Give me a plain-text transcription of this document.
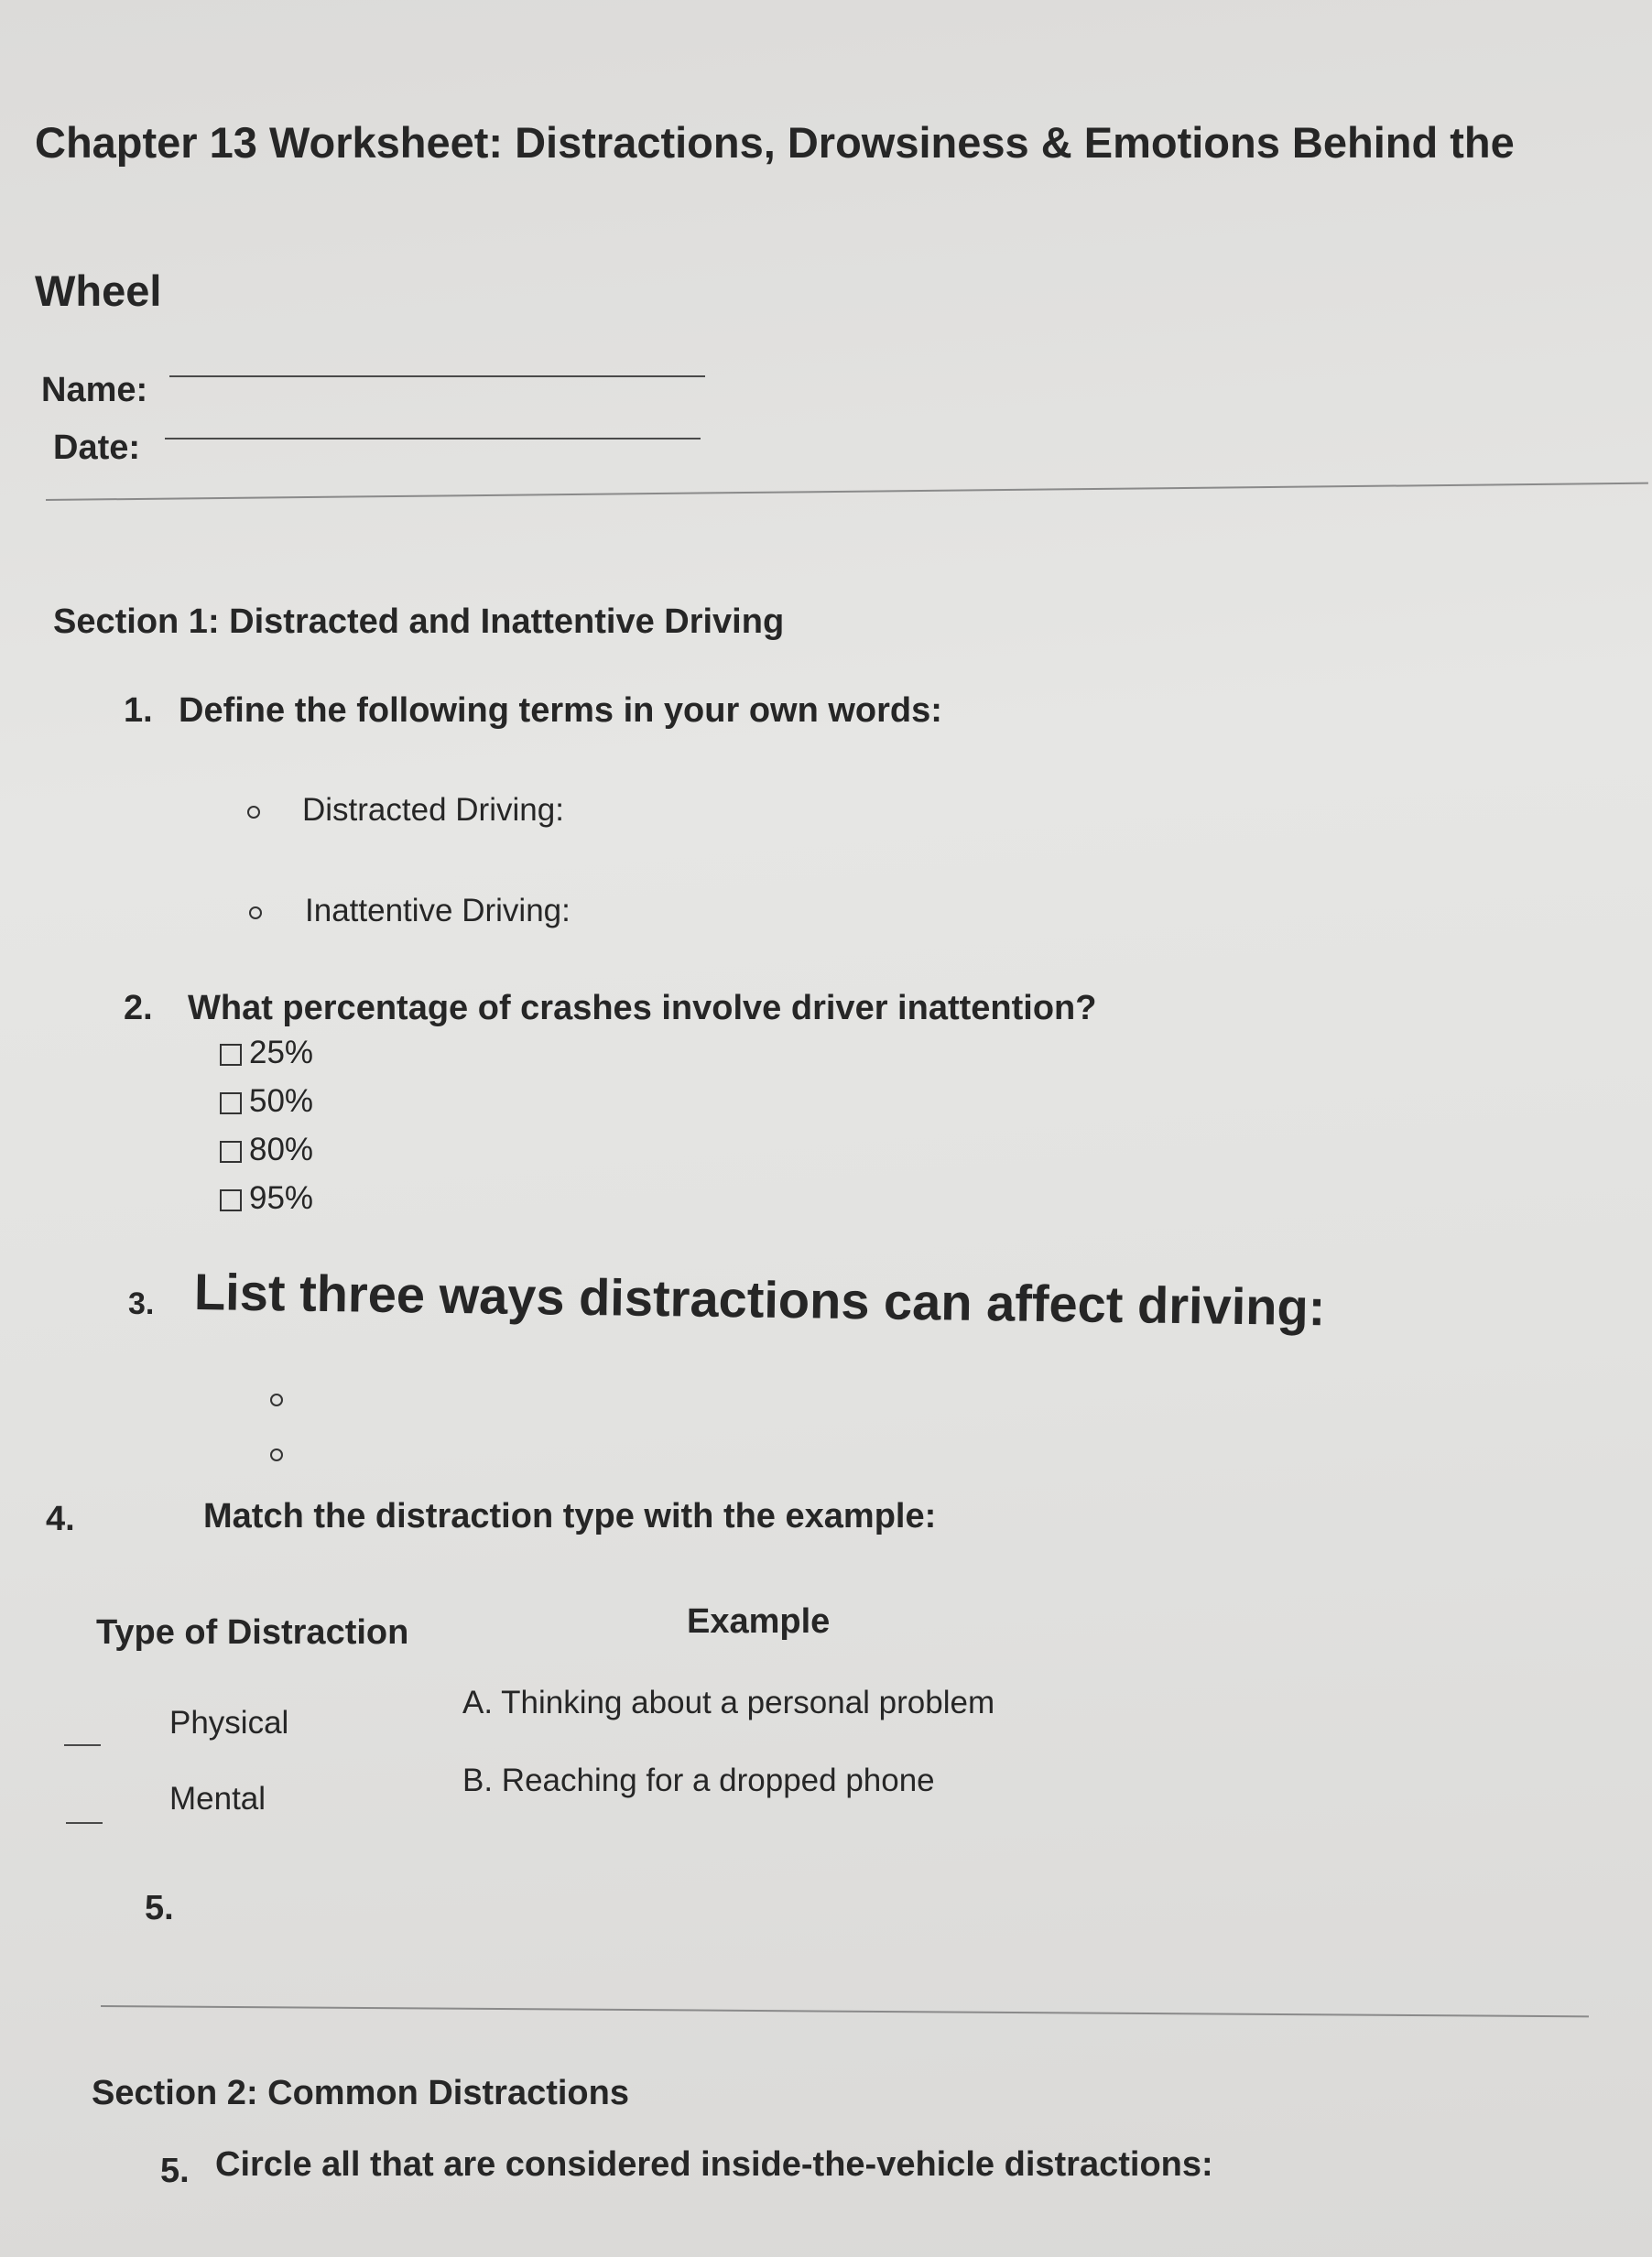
Chapter 13 Worksheet: Distractions, Drowsiness & Emotions Behind the
Wheel
Name:
Date:
Section 1: Distracted and Inattentive Driving
1. Define the following terms in your own words:
Distracted Driving:
Inattentive Driving:
2. What percentage of crashes involve driver inattention?
25%
50%
80%
95%
3. List three ways distractions can affect driving:
4.	Match the distraction type with the example:
Type of Distraction	Example
Physical
A. Thinking about a personal problem
Mental
B. Reaching for a dropped phone
5.
Section 2: Common Distractions
5. Circle all that are considered inside-the-vehicle distractions:
